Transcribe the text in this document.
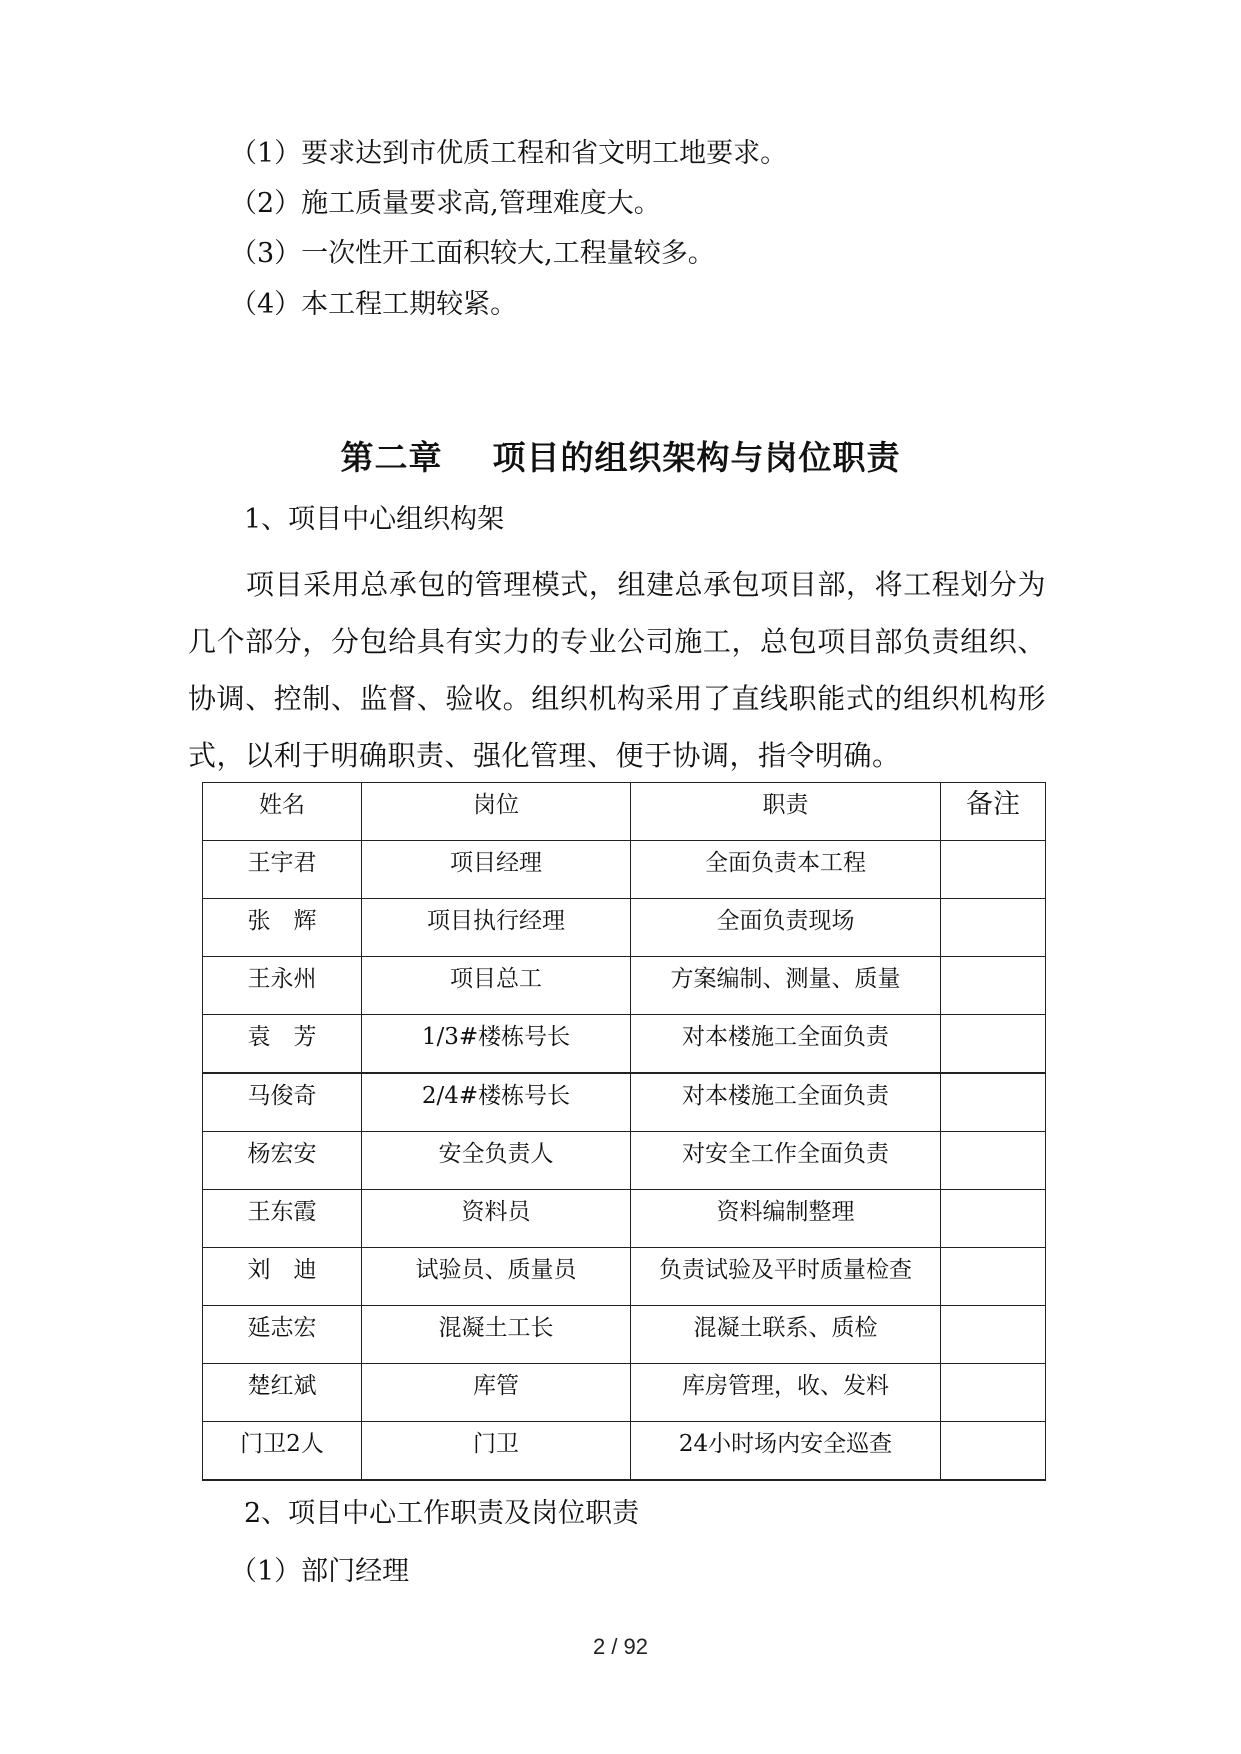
（1）要求达到市优质工程和省文明工地要求。
（2）施工质量要求高,管理难度大。
（3）一次性开工面积较大,工程量较多。
（4）本工程工期较紧。
第二章    项目的组织架构与岗位职责
1、项目中心组织构架
项目采用总承包的管理模式，组建总承包项目部，将工程划分为几个部分，分包给具有实力的专业公司施工，总包项目部负责组织、协调、控制、监督、验收。组织机构采用了直线职能式的组织机构形式，以利于明确职责、强化管理、便于协调，指令明确。
姓名	岗位	职责	备注
王宇君	项目经理	全面负责本工程	
张　辉	项目执行经理	全面负责现场	
王永州	项目总工	方案编制、测量、质量	
袁　芳	1/3#楼栋号长	对本楼施工全面负责	
马俊奇	2/4#楼栋号长	对本楼施工全面负责	
杨宏安	安全负责人	对安全工作全面负责	
王东霞	资料员	资料编制整理	
刘　迪	试验员、质量员	负责试验及平时质量检查	
延志宏	混凝土工长	混凝土联系、质检	
楚红斌	库管	库房管理，收、发料	
门卫2人	门卫	24小时场内安全巡查	
2、项目中心工作职责及岗位职责
（1）部门经理
2 / 92
